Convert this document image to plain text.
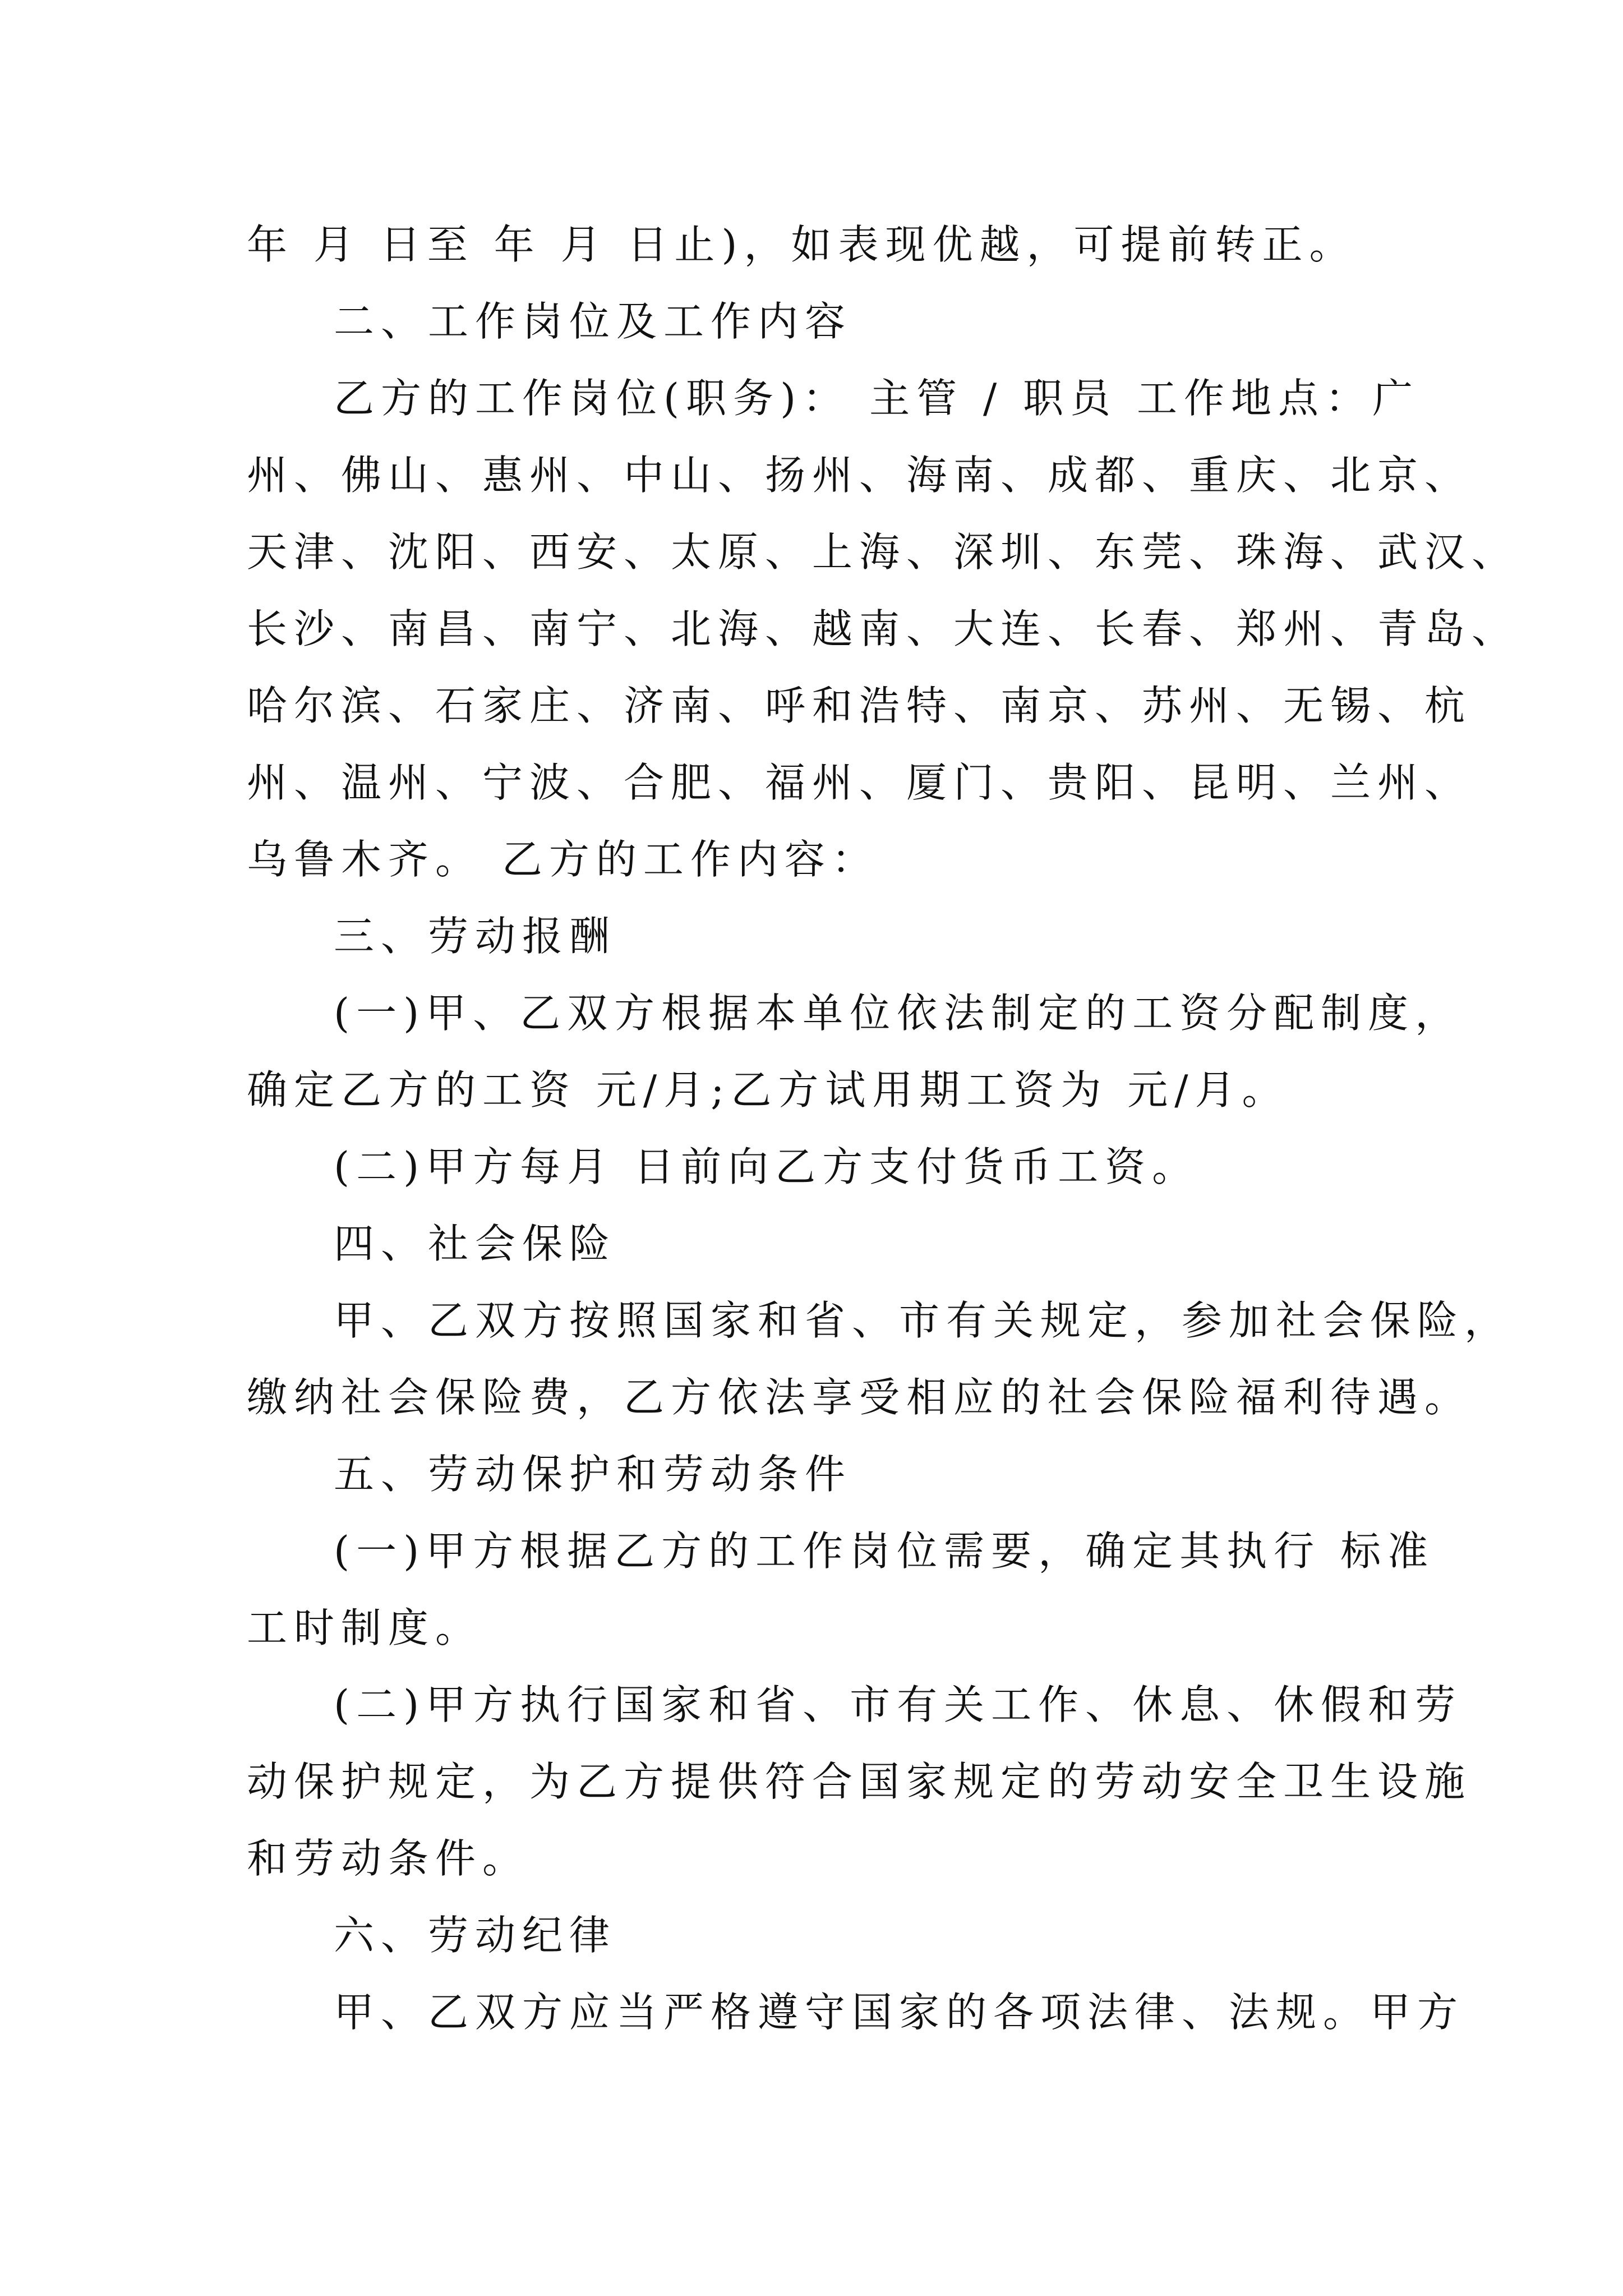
年 月 日至 年 月 日止)，如表现优越，可提前转正。

二、工作岗位及工作内容

乙方的工作岗位(职务)： 主管 / 职员 工作地点：广

州、佛山、惠州、中山、扬州、海南、成都、重庆、北京、

天津、沈阳、西安、太原、上海、深圳、东莞、珠海、武汉、

长沙、南昌、南宁、北海、越南、大连、长春、郑州、青岛、

哈尔滨、石家庄、济南、呼和浩特、南京、苏州、无锡、杭

州、温州、宁波、合肥、福州、厦门、贵阳、昆明、兰州、

乌鲁木齐。 乙方的工作内容：

三、劳动报酬

(一)甲、乙双方根据本单位依法制定的工资分配制度，

确定乙方的工资 元/月;乙方试用期工资为 元/月。

(二)甲方每月 日前向乙方支付货币工资。

四、社会保险

甲、乙双方按照国家和省、市有关规定，参加社会保险，

缴纳社会保险费，乙方依法享受相应的社会保险福利待遇。

五、劳动保护和劳动条件

(一)甲方根据乙方的工作岗位需要，确定其执行 标准

工时制度。

(二)甲方执行国家和省、市有关工作、休息、休假和劳

动保护规定，为乙方提供符合国家规定的劳动安全卫生设施

和劳动条件。

六、劳动纪律

甲、乙双方应当严格遵守国家的各项法律、法规。甲方
